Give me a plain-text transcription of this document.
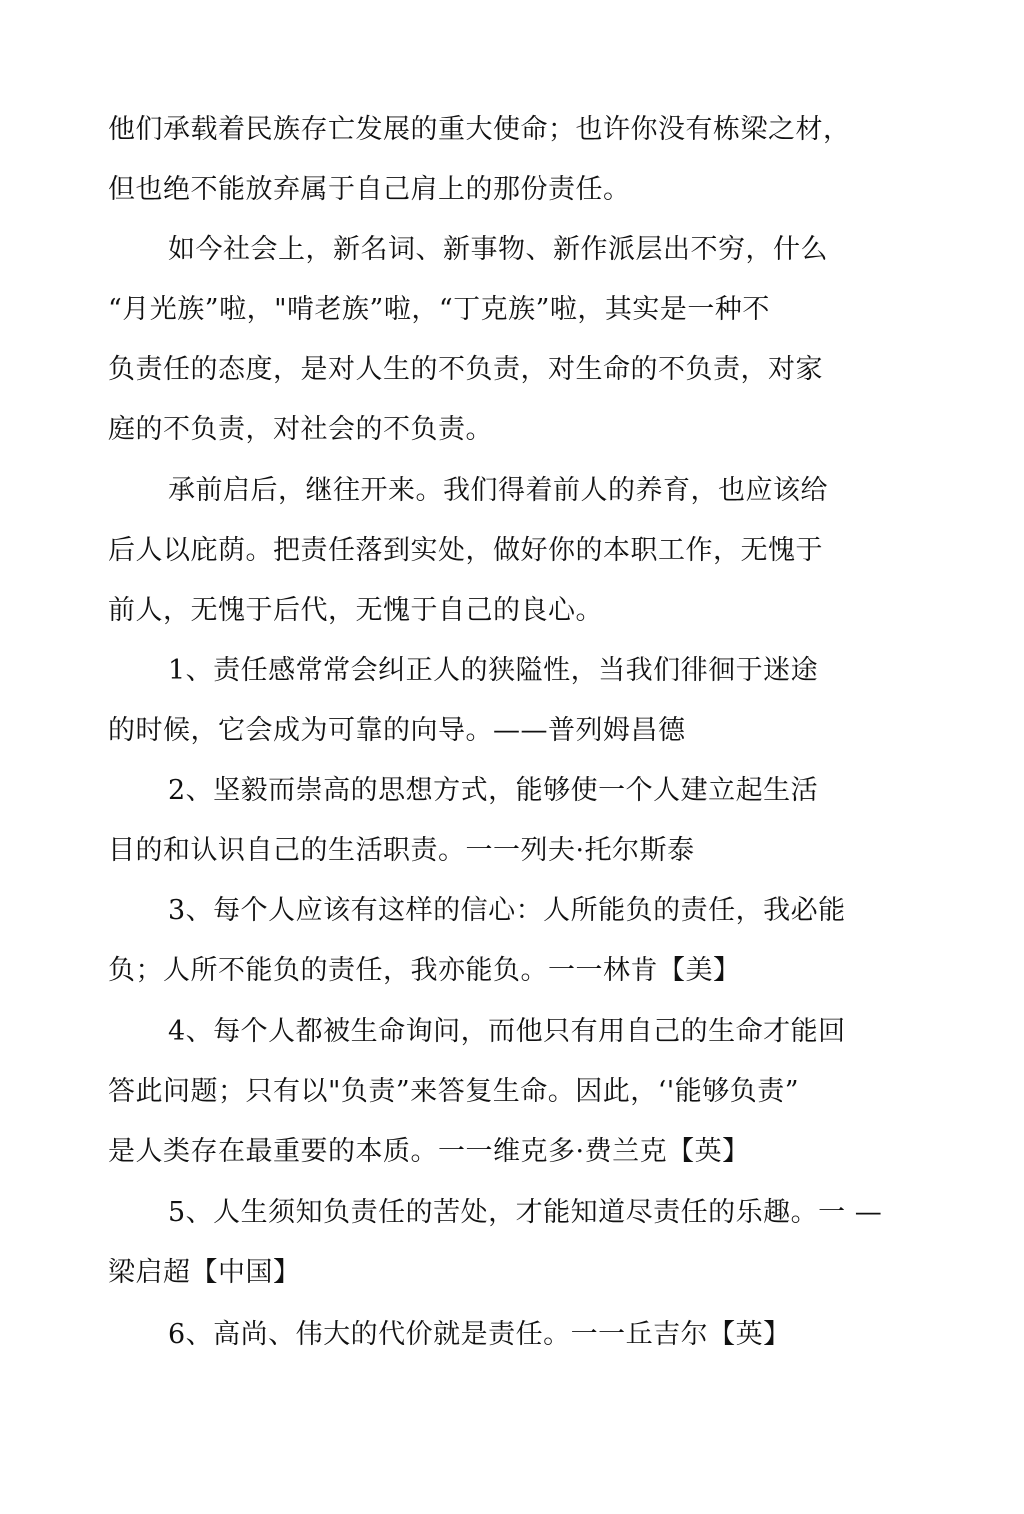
他们承载着民族存亡发展的重大使命；也许你没有栋梁之材，
但也绝不能放弃属于自己肩上的那份责任。
如今社会上，新名词、新事物、新作派层出不穷，什么
“月光族”啦，"啃老族”啦，“丁克族”啦，其实是一种不
负责任的态度，是对人生的不负责，对生命的不负责，对家
庭的不负责，对社会的不负责。
承前启后，继往开来。我们得着前人的养育，也应该给
后人以庇荫。把责任落到实处，做好你的本职工作，无愧于
前人，无愧于后代，无愧于自己的良心。
1、责任感常常会纠正人的狭隘性，当我们徘徊于迷途
的时候，它会成为可靠的向导。——普列姆昌德
2、坚毅而崇高的思想方式，能够使一个人建立起生活
目的和认识自己的生活职责。一一列夫·托尔斯泰
3、每个人应该有这样的信心：人所能负的责任，我必能
负；人所不能负的责任，我亦能负。一一林肯【美】
4、每个人都被生命询问，而他只有用自己的生命才能回
答此问题；只有以"负责”来答复生命。因此，‘'能够负责”
是人类存在最重要的本质。一一维克多·费兰克【英】
5、人生须知负责任的苦处，才能知道尽责任的乐趣。一 —
梁启超【中国】
6、高尚、伟大的代价就是责任。一一丘吉尔【英】
